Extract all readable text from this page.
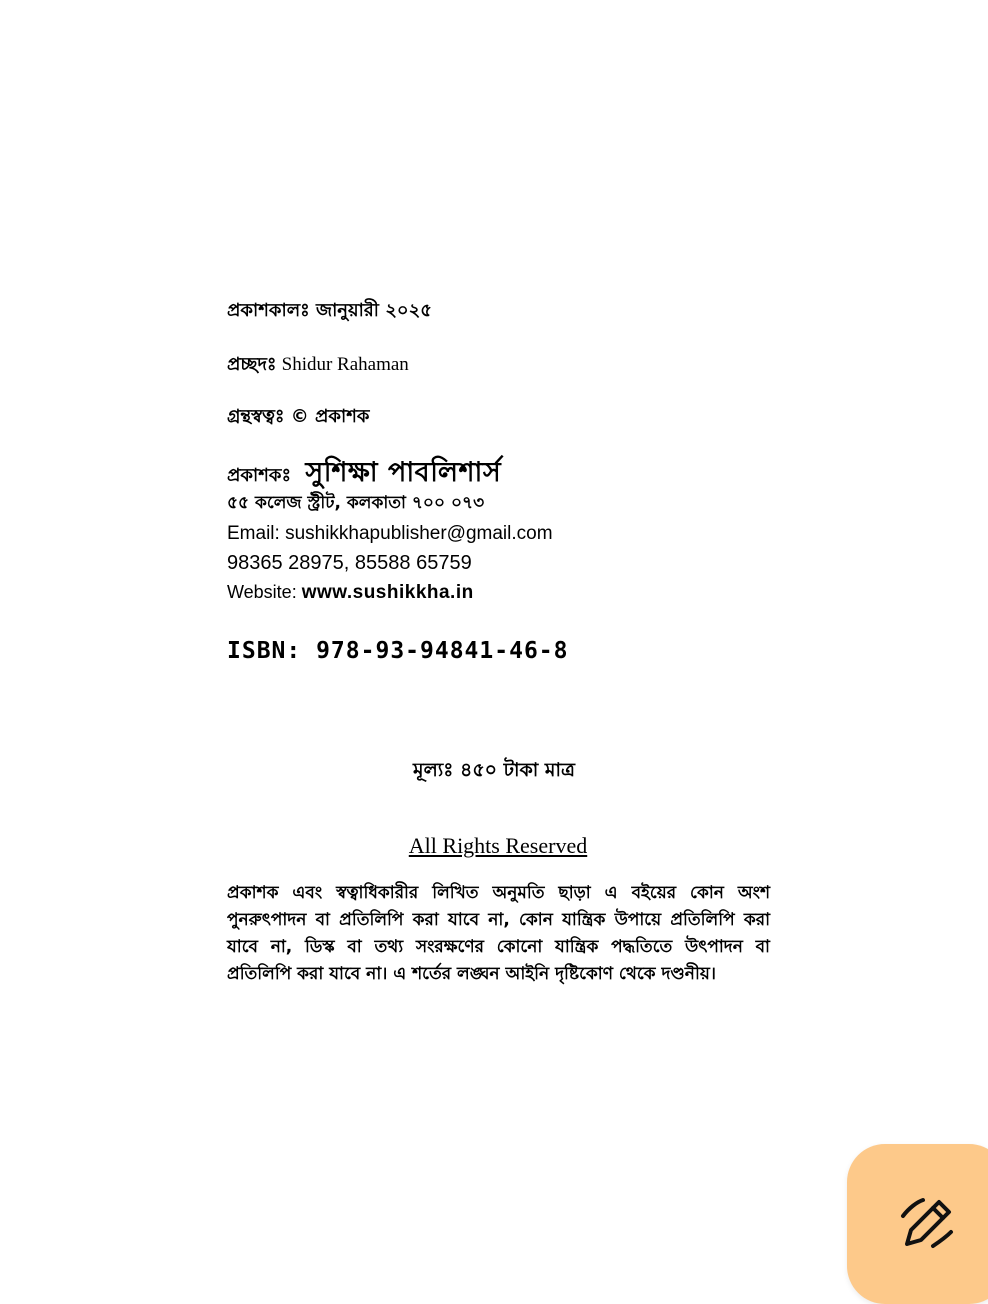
প্রকাশকালঃ জানুয়ারী ২০২৫
প্রচ্ছদঃ Shidur Rahaman
গ্রন্থস্বত্বঃ © প্রকাশক
প্রকাশকঃ সুশিক্ষা পাবলিশার্স
৫৫ কলেজ স্ট্রীট, কলকাতা ৭০০ ০৭৩
Email: sushikkhapublisher@gmail.com
98365 28975, 85588 65759
Website: www.sushikkha.in
ISBN: 978-93-94841-46-8
মূল্যঃ ৪৫০ টাকা মাত্র
All Rights Reserved
প্রকাশক এবং স্বত্বাধিকারীর লিখিত অনুমতি ছাড়া এ বইয়ের কোন অংশ পুনরুৎপাদন বা প্রতিলিপি করা যাবে না, কোন যান্ত্রিক উপায়ে প্রতিলিপি করা যাবে না, ডিস্ক বা তথ্য সংরক্ষণের কোনো যান্ত্রিক পদ্ধতিতে উৎপাদন বা প্রতিলিপি করা যাবে না। এ শর্তের লঙ্ঘন আইনি দৃষ্টিকোণ থেকে দণ্ডনীয়।
